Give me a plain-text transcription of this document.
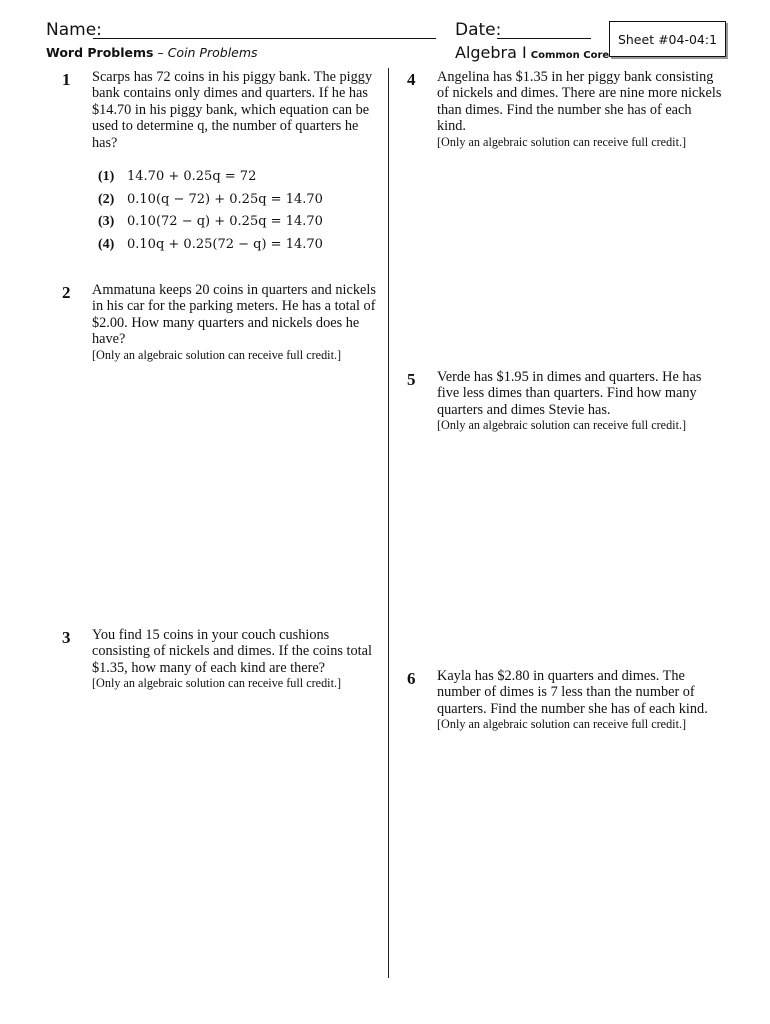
Name:	Date:	Sheet #04-04:1
Word Problems – Coin Problems	Algebra I Common Core
1 Scarps has 72 coins in his piggy bank. The piggy bank contains only dimes and quarters. If he has $14.70 in his piggy bank, which equation can be used to determine q, the number of quarters he has?
(1) 14.70 + 0.25q = 72
(2) 0.10(q − 72) + 0.25q = 14.70
(3) 0.10(72 − q) + 0.25q = 14.70
(4) 0.10q + 0.25(72 − q) = 14.70
2 Ammatuna keeps 20 coins in quarters and nickels in his car for the parking meters. He has a total of $2.00. How many quarters and nickels does he have?
[Only an algebraic solution can receive full credit.]
3 You find 15 coins in your couch cushions consisting of nickels and dimes. If the coins total $1.35, how many of each kind are there?
[Only an algebraic solution can receive full credit.]
4 Angelina has $1.35 in her piggy bank consisting of nickels and dimes. There are nine more nickels than dimes. Find the number she has of each kind.
[Only an algebraic solution can receive full credit.]
5 Verde has $1.95 in dimes and quarters. He has five less dimes than quarters. Find how many quarters and dimes Stevie has.
[Only an algebraic solution can receive full credit.]
6 Kayla has $2.80 in quarters and dimes. The number of dimes is 7 less than the number of quarters. Find the number she has of each kind.
[Only an algebraic solution can receive full credit.]
